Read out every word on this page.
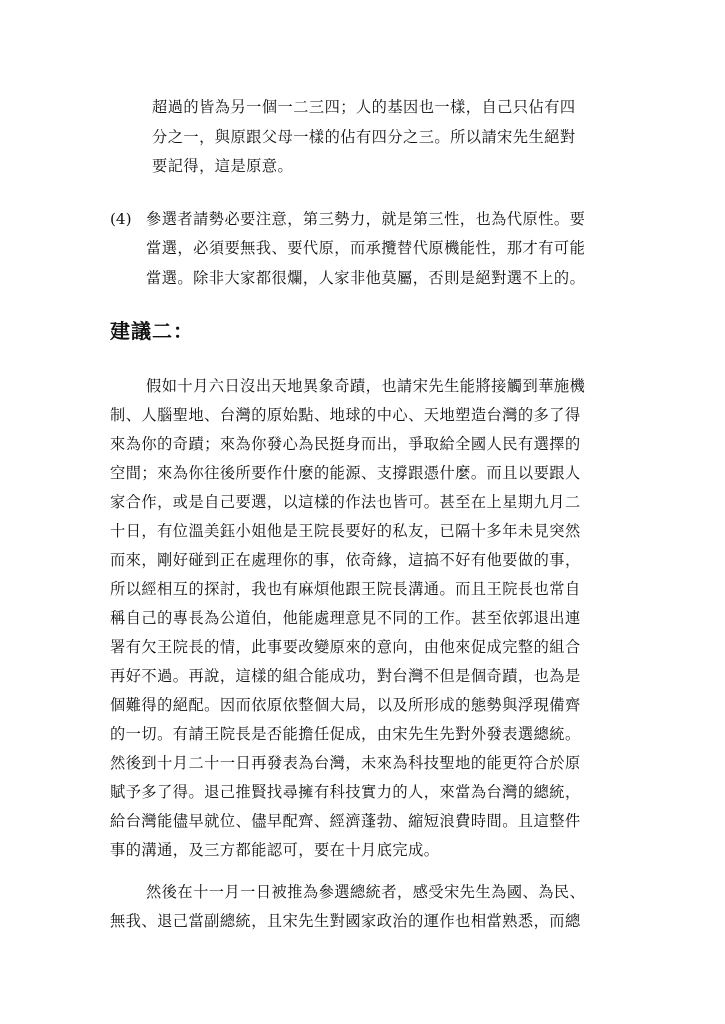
超過的皆為另一個一二三四；人的基因也一樣，自己只佔有四
分之一，與原跟父母一樣的佔有四分之三。所以請宋先生絕對
要記得，這是原意。
(4) 參選者請勢必要注意，第三勢力，就是第三性，也為代原性。要
當選，必須要無我、要代原，而承攬替代原機能性，那才有可能
當選。除非大家都很爛，人家非他莫屬，否則是絕對選不上的。
建議二：
假如十月六日沒出天地異象奇蹟，也請宋先生能將接觸到華施機
制、人腦聖地、台灣的原始點、地球的中心、天地塑造台灣的多了得
來為你的奇蹟；來為你發心為民挺身而出，爭取給全國人民有選擇的
空間；來為你往後所要作什麼的能源、支撐跟憑什麼。而且以要跟人
家合作，或是自己要選，以這樣的作法也皆可。甚至在上星期九月二
十日，有位溫美鈺小姐他是王院長要好的私友，已隔十多年未見突然
而來，剛好碰到正在處理你的事，依奇緣，這搞不好有他要做的事，
所以經相互的探討，我也有麻煩他跟王院長溝通。而且王院長也常自
稱自己的專長為公道伯，他能處理意見不同的工作。甚至依郭退出連
署有欠王院長的情，此事要改變原來的意向，由他來促成完整的組合
再好不過。再說，這樣的組合能成功，對台灣不但是個奇蹟，也為是
個難得的絕配。因而依原依整個大局，以及所形成的態勢與浮現備齊
的一切。有請王院長是否能擔任促成，由宋先生先對外發表選總統。
然後到十月二十一日再發表為台灣，未來為科技聖地的能更符合於原
賦予多了得。退己推賢找尋擁有科技實力的人，來當為台灣的總統，
給台灣能儘早就位、儘早配齊、經濟蓬勃、縮短浪費時間。且這整件
事的溝通，及三方都能認可，要在十月底完成。
然後在十一月一日被推為參選總統者，感受宋先生為國、為民、
無我、退己當副總統，且宋先生對國家政治的運作也相當熟悉，而總
